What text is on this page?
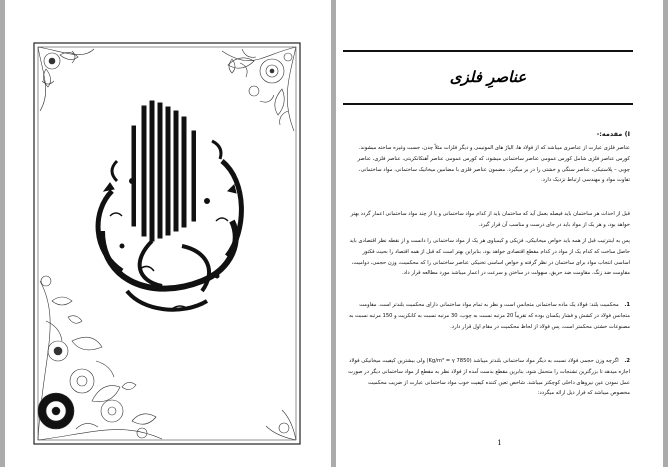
عناصرِ فلزی
I) مقدمه:-
عناصر فلزی عبارت از عناصری میباشد که از فولاد ها، الیاژ های المونیمی و دیگر فلزات مثلاً چدن، جست وغیره ساخته میشوند. کورس عناصر فلزی شامل کورس عمومی عناصر ساختمانی میشود، که کورس عمومی عناصر آهنکانکریتی، عناصر فلزی، عناصر چوبی – پلاستیکی، عناصر سنگی و خشتی را در بر میگیرد. مضمون عناصر فلزی با مضامین میخانیک ساختمانی، مواد ساختمانی، تفاوت مواد و مهندسی ارتباط نزدیک دارد.
قبل از احداث هر ساختمان باید فیصله بعمل آید که ساختمان باید از کدام مواد ساختمانی و یا از چند مواد ساختمانی اعمار گردد بهتر خواهد بود، و هر یک از مواد باید در جای درست و مناسب آن قرار گیرد.
پس به اینترتیب قبل از همه باید خواص میخانیکی، فزیکی و کیمیاوی هر یک از مواد ساختمانی را دانست و از نقطه نظر اقتصادی باید حاصل ساخت که کدام یک از مواد در کدام مقطع اقتصادی خواهد بود، بنابراین بهتر است که قبل از همه اقتصاد را بحیث فکتور اساسی انتخاب مواد برای ساختمان در نظر گرفته و خواص اساسی تخنیکی عناصر ساختمانی را که محکمیت، وزن حجمی، دوامیت، مقاومت ضد زنگ، مقاومت ضد حریق، سهولت در ساختن و سرعت در اعمار میباشد مورد مطالعه قرار داد.
1. محکمیت بلند: فولاد یک ماده ساختمانی متجانس است و نظر به تمام مواد ساختمانی دارای محکمیت بلندتر است. مقاومت متجانس فولاد در کشش و فشار یکسان بوده که تقریباً 20 مرتبه نسبت به چوب، 30 مرتبه نسبت به کانکریت و 150 مرتبه نسبت به مصنوعات خشتی محکمتر است، پس فولاد از لحاظ محکمیت در مقام اول قرار دارد.
2. اگرچه وزن حجمی فولاد نسبت به دیگر مواد ساختمانی بلندتر میباشد (7850 Kg/m³ = γ) ولی بیشترین کیفیت میخانیکی فولاد اجازه میدهد تا بزرگترین تشنجات را متحمل شود، بنابرین مقطع بدست آمده از فولاد نظر به مقطع از مواد ساختمانی دیگر در صورت عمل نمودن عین نیروهای داخلی کوچکتر میباشد. شاخص تعین کننده کیفیت خوب مواد ساختمانی عبارت از ضریب محکمیت مخصوص میباشد که فرار ذیل ارائه میگردد:
1
